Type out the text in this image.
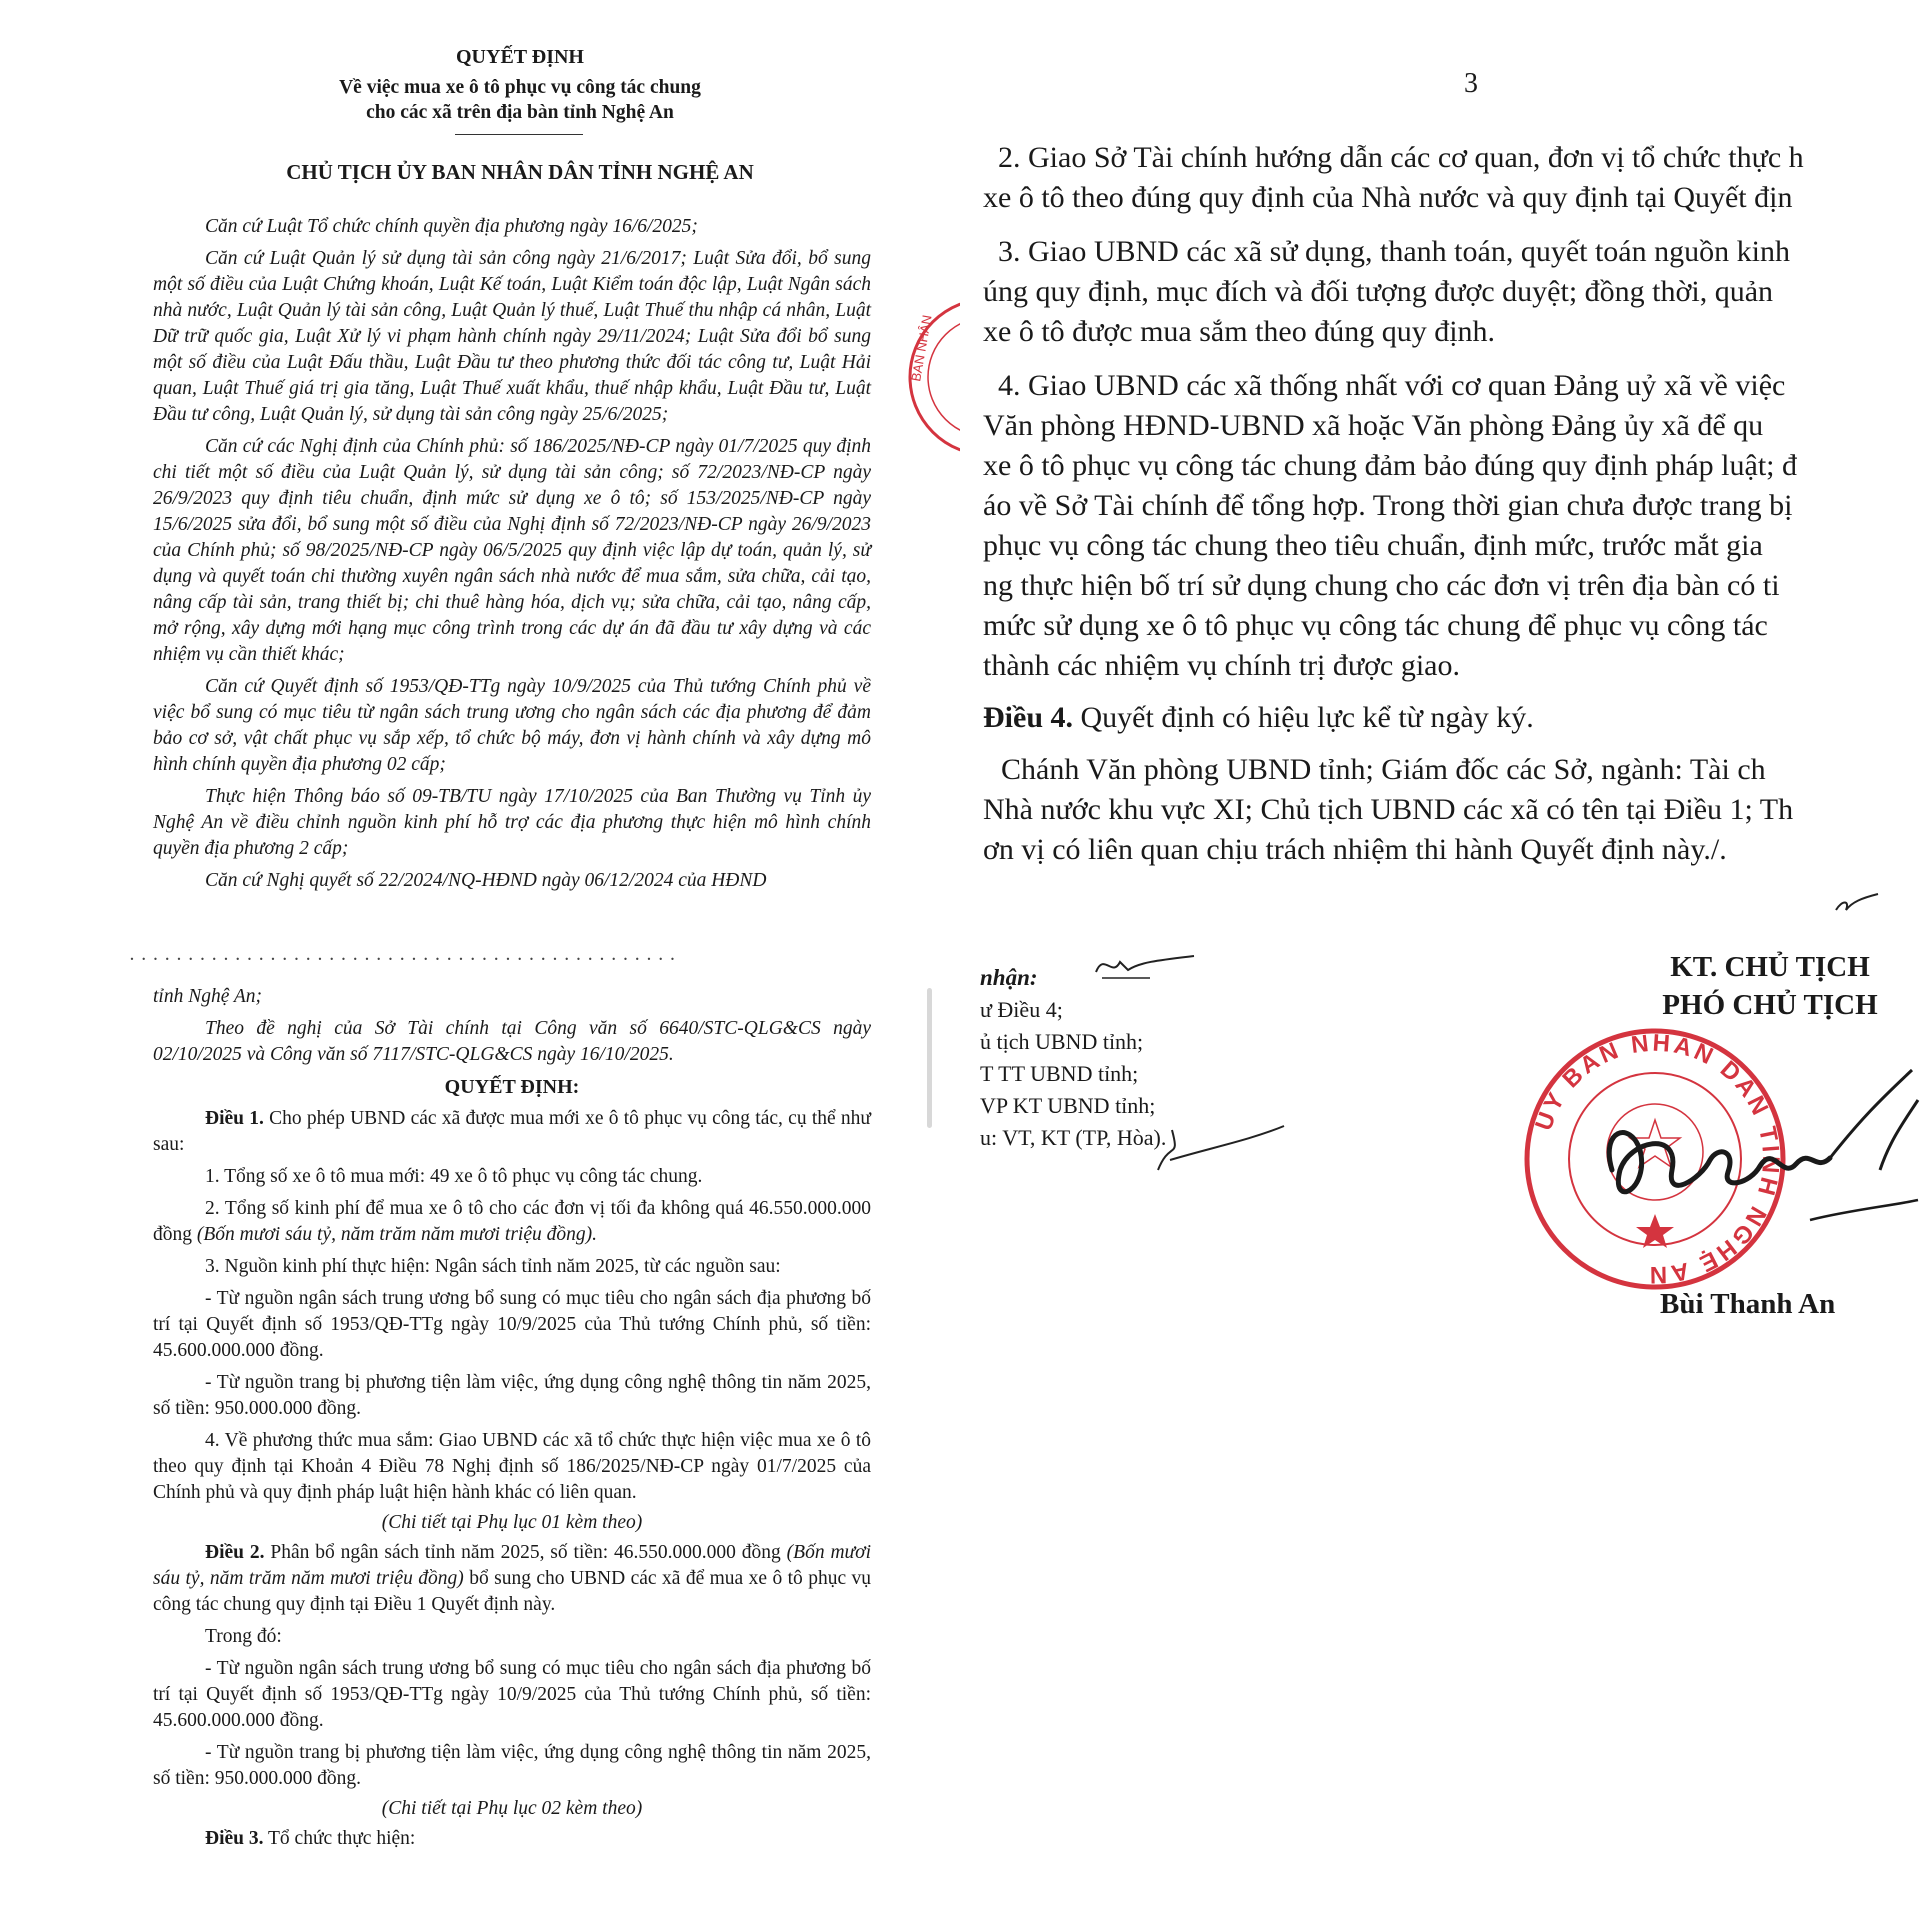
QUYẾT ĐỊNH
Về việc mua xe ô tô phục vụ công tác chung
cho các xã trên địa bàn tỉnh Nghệ An
CHỦ TỊCH ỦY BAN NHÂN DÂN TỈNH NGHỆ AN

Căn cứ Luật Tổ chức chính quyền địa phương ngày 16/6/2025;

Căn cứ Luật Quản lý sử dụng tài sản công ngày 21/6/2017; Luật Sửa đổi, bổ sung một số điều của Luật Chứng khoán, Luật Kế toán, Luật Kiểm toán độc lập, Luật Ngân sách nhà nước, Luật Quản lý tài sản công, Luật Quản lý thuế, Luật Thuế thu nhập cá nhân, Luật Dữ trữ quốc gia, Luật Xử lý vi phạm hành chính ngày 29/11/2024; Luật Sửa đổi bổ sung một số điều của Luật Đấu thầu, Luật Đầu tư theo phương thức đối tác công tư, Luật Hải quan, Luật Thuế giá trị gia tăng, Luật Thuế xuất khẩu, thuế nhập khẩu, Luật Đầu tư, Luật Đầu tư công, Luật Quản lý, sử dụng tài sản công ngày 25/6/2025;

Căn cứ các Nghị định của Chính phủ: số 186/2025/NĐ-CP ngày 01/7/2025 quy định chi tiết một số điều của Luật Quản lý, sử dụng tài sản công; số 72/2023/NĐ-CP ngày 26/9/2023 quy định tiêu chuẩn, định mức sử dụng xe ô tô; số 153/2025/NĐ-CP ngày 15/6/2025 sửa đổi, bổ sung một số điều của Nghị định số 72/2023/NĐ-CP ngày 26/9/2023 của Chính phủ; số 98/2025/NĐ-CP ngày 06/5/2025 quy định việc lập dự toán, quản lý, sử dụng và quyết toán chi thường xuyên ngân sách nhà nước để mua sắm, sửa chữa, cải tạo, nâng cấp tài sản, trang thiết bị; chi thuê hàng hóa, dịch vụ; sửa chữa, cải tạo, nâng cấp, mở rộng, xây dựng mới hạng mục công trình trong các dự án đã đầu tư xây dựng và các nhiệm vụ cần thiết khác;

Căn cứ Quyết định số 1953/QĐ-TTg ngày 10/9/2025 của Thủ tướng Chính phủ về việc bổ sung có mục tiêu từ ngân sách trung ương cho ngân sách các địa phương để đảm bảo cơ sở, vật chất phục vụ sắp xếp, tổ chức bộ máy, đơn vị hành chính và xây dựng mô hình chính quyền địa phương 02 cấp;

Thực hiện Thông báo số 09-TB/TU ngày 17/10/2025 của Ban Thường vụ Tỉnh ủy Nghệ An về điều chỉnh nguồn kinh phí hỗ trợ các địa phương thực hiện mô hình chính quyền địa phương 2 cấp;

Căn cứ Nghị quyết số 22/2024/NQ-HĐND ngày 06/12/2024 của HĐND

. . . . . . . . . . . . . . . . . . . . . . . . . . . . . . . . . . . . . . . . . . . . . . .

tỉnh Nghệ An;

Theo đề nghị của Sở Tài chính tại Công văn số 6640/STC-QLG&CS ngày 02/10/2025 và Công văn số 7117/STC-QLG&CS ngày 16/10/2025.

QUYẾT ĐỊNH:

Điều 1. Cho phép UBND các xã được mua mới xe ô tô phục vụ công tác, cụ thể như sau:

1. Tổng số xe ô tô mua mới: 49 xe ô tô phục vụ công tác chung.

2. Tổng số kinh phí để mua xe ô tô cho các đơn vị tối đa không quá 46.550.000.000 đồng (Bốn mươi sáu tỷ, năm trăm năm mươi triệu đồng).

3. Nguồn kinh phí thực hiện: Ngân sách tỉnh năm 2025, từ các nguồn sau:

- Từ nguồn ngân sách trung ương bổ sung có mục tiêu cho ngân sách địa phương bố trí tại Quyết định số 1953/QĐ-TTg ngày 10/9/2025 của Thủ tướng Chính phủ, số tiền: 45.600.000.000 đồng.

- Từ nguồn trang bị phương tiện làm việc, ứng dụng công nghệ thông tin năm 2025, số tiền: 950.000.000 đồng.

4. Về phương thức mua sắm: Giao UBND các xã tổ chức thực hiện việc mua xe ô tô theo quy định tại Khoản 4 Điều 78 Nghị định số 186/2025/NĐ-CP ngày 01/7/2025 của Chính phủ và quy định pháp luật hiện hành khác có liên quan.

(Chi tiết tại Phụ lục 01 kèm theo)

Điều 2. Phân bổ ngân sách tỉnh năm 2025, số tiền: 46.550.000.000 đồng (Bốn mươi sáu tỷ, năm trăm năm mươi triệu đồng) bổ sung cho UBND các xã để mua xe ô tô phục vụ công tác chung quy định tại Điều 1 Quyết định này.

Trong đó:

- Từ nguồn ngân sách trung ương bổ sung có mục tiêu cho ngân sách địa phương bố trí tại Quyết định số 1953/QĐ-TTg ngày 10/9/2025 của Thủ tướng Chính phủ, số tiền: 45.600.000.000 đồng.

- Từ nguồn trang bị phương tiện làm việc, ứng dụng công nghệ thông tin năm 2025, số tiền: 950.000.000 đồng.

(Chi tiết tại Phụ lục 02 kèm theo)

Điều 3. Tổ chức thực hiện:

BAN NHÂN
3

2. Giao Sở Tài chính hướng dẫn các cơ quan, đơn vị tổ chức thực h

xe ô tô theo đúng quy định của Nhà nước và quy định tại Quyết địn

3. Giao UBND các xã sử dụng, thanh toán, quyết toán nguồn kinh

úng quy định, mục đích và đối tượng được duyệt; đồng thời, quản

xe ô tô được mua sắm theo đúng quy định.

4. Giao UBND các xã thống nhất với cơ quan Đảng uỷ xã về việc

Văn phòng HĐND-UBND xã hoặc Văn phòng Đảng ủy xã để qu

xe ô tô phục vụ công tác chung đảm bảo đúng quy định pháp luật; đ

áo về Sở Tài chính để tổng hợp. Trong thời gian chưa được trang bị

phục vụ công tác chung theo tiêu chuẩn, định mức, trước mắt gia

ng thực hiện bố trí sử dụng chung cho các đơn vị trên địa bàn có ti

mức sử dụng xe ô tô phục vụ công tác chung để phục vụ công tác

thành các nhiệm vụ chính trị được giao.

Điều 4. Quyết định có hiệu lực kể từ ngày ký.

Chánh Văn phòng UBND tỉnh; Giám đốc các Sở, ngành: Tài ch

Nhà nước khu vực XI; Chủ tịch UBND các xã có tên tại Điều 1; Th

ơn vị có liên quan chịu trách nhiệm thi hành Quyết định này./.

nhận:
ư Điều 4;
ủ tịch UBND tỉnh;
T TT UBND tỉnh;
VP KT UBND tỉnh;
u: VT, KT (TP, Hòa).
KT. CHỦ TỊCH
PHÓ CHỦ TỊCH
ỦY BAN NHÂN DÂN TỈNH NGHỆ AN
Bùi Thanh An
